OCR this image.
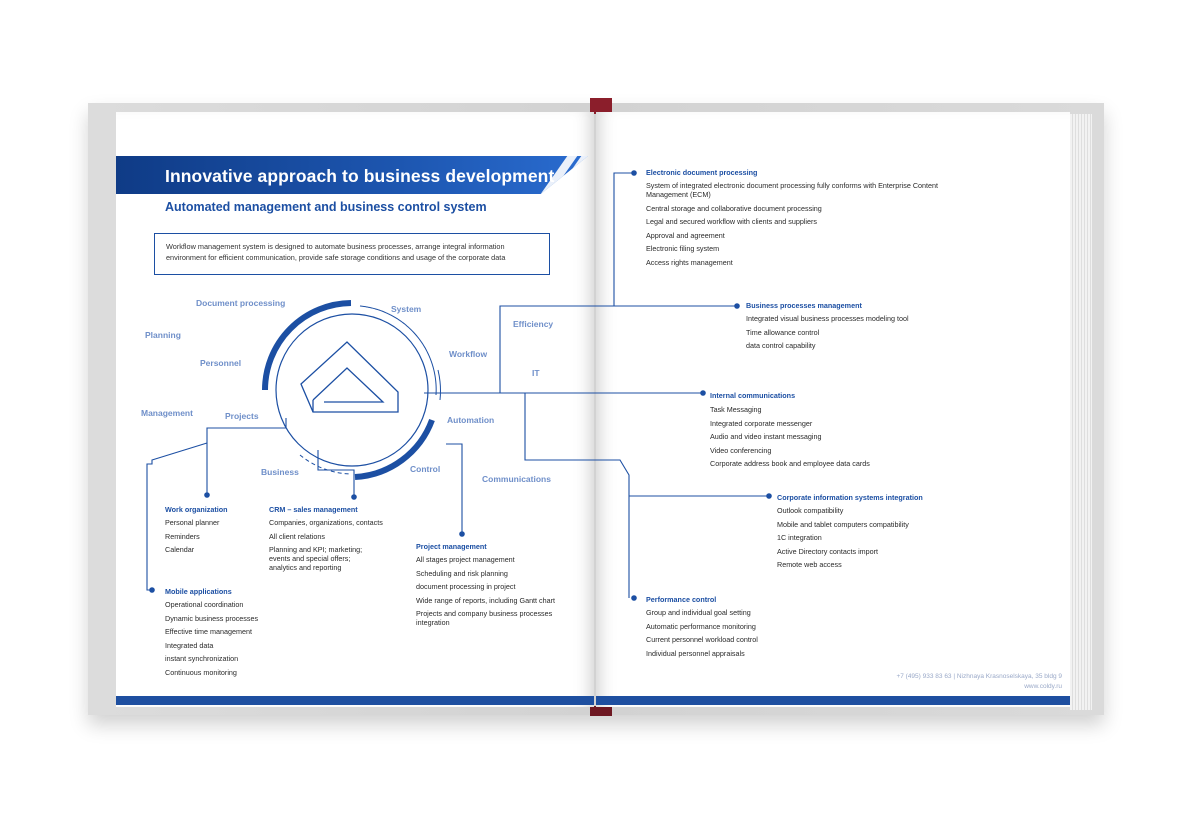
Innovative approach to business development
Automated management and business control system
Workflow management system is designed to automate business processes, arrange integral information environment for efficient communication, provide safe storage conditions and usage of the corporate data
Document processing
System
Planning
Personnel
Workflow
Efficiency
IT
Management	Projects	Automation
Business	Control
Communications
Work organization
Personal planner
Reminders
Calendar
CRM – sales management
Companies, organizations, contacts
All client relations
Planning and KPI; marketing; events and special offers; analytics and reporting
Project management
All stages project management
Scheduling and risk planning
document processing in project
Wide range of reports, including Gantt chart
Projects and company business processes integration
Mobile applications
Operational coordination
Dynamic business processes
Effective time management
Integrated data
instant synchronization
Continuous monitoring
Electronic document processing
System of integrated electronic document processing fully conforms with Enterprise Content Management (ECM)
Central storage and collaborative document processing
Legal and secured workflow with clients and suppliers
Approval and agreement
Electronic filing system
Access rights management
Business processes management
Integrated visual business processes modeling tool
Time allowance control
data control capability
Internal communications
Task Messaging
Integrated corporate messenger
Audio and video instant messaging
Video conferencing
Corporate address book and employee data cards
Corporate information systems integration
Outlook compatibility
Mobile and tablet computers compatibility
1C integration
Active Directory contacts import
Remote web access
Performance control
Group and individual goal setting
Automatic performance monitoring
Current personnel workload control
Individual personnel appraisals
+7 (495) 933 83 63 | Nizhnaya Krasnoselskaya, 35 bldg 9
www.coldy.ru
